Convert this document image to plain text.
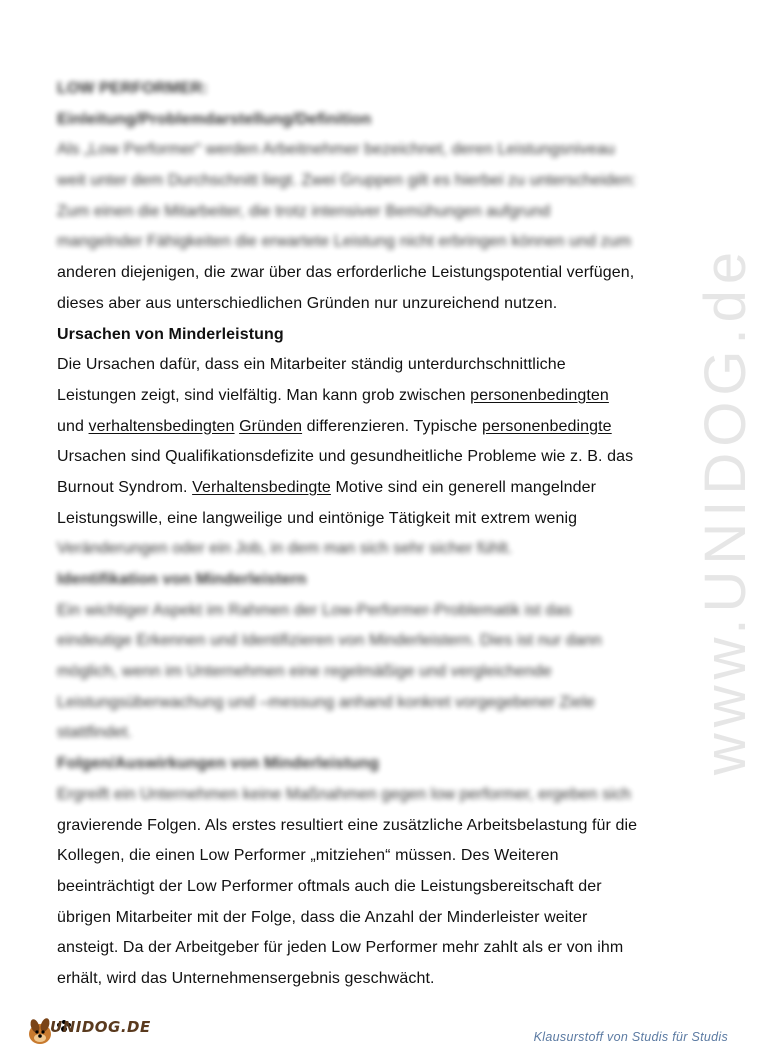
www.UNIDOG.de
LOW PERFORMER:
Einleitung/Problemdarstellung/Definition
Als „Low Performer“ werden Arbeitnehmer bezeichnet, deren Leistungsniveau
weit unter dem Durchschnitt liegt. Zwei Gruppen gilt es hierbei zu unterscheiden:
Zum einen die Mitarbeiter, die trotz intensiver Bemühungen aufgrund
mangelnder Fähigkeiten die erwartete Leistung nicht erbringen können und zum
anderen diejenigen, die zwar über das erforderliche Leistungspotential verfügen,
dieses aber aus unterschiedlichen Gründen nur unzureichend nutzen.
Ursachen von Minderleistung
Die Ursachen dafür, dass ein Mitarbeiter ständig unterdurchschnittliche
Leistungen zeigt, sind vielfältig. Man kann grob zwischen personenbedingten
und verhaltensbedingten Gründen differenzieren. Typische personenbedingte
Ursachen sind Qualifikationsdefizite und gesundheitliche Probleme wie z. B. das
Burnout Syndrom. Verhaltensbedingte Motive sind ein generell mangelnder
Leistungswille, eine langweilige und eintönige Tätigkeit mit extrem wenig
Veränderungen oder ein Job, in dem man sich sehr sicher fühlt.
Identifikation von Minderleistern
Ein wichtiger Aspekt im Rahmen der Low-Performer-Problematik ist das
eindeutige Erkennen und Identifizieren von Minderleistern. Dies ist nur dann
möglich, wenn im Unternehmen eine regelmäßige und vergleichende
Leistungsüberwachung und –messung anhand konkret vorgegebener Ziele
stattfindet.
Folgen/Auswirkungen von Minderleistung
Ergreift ein Unternehmen keine Maßnahmen gegen low performer, ergeben sich
gravierende Folgen. Als erstes resultiert eine zusätzliche Arbeitsbelastung für die
Kollegen, die einen Low Performer „mitziehen“ müssen. Des Weiteren
beeinträchtigt der Low Performer oftmals auch die Leistungsbereitschaft der
übrigen Mitarbeiter mit der Folge, dass die Anzahl der Minderleister weiter
ansteigt. Da der Arbeitgeber für jeden Low Performer mehr zahlt als er von ihm
erhält, wird das Unternehmensergebnis geschwächt.
UNIDOG.DE
Klausurstoff von Studis für Studis
